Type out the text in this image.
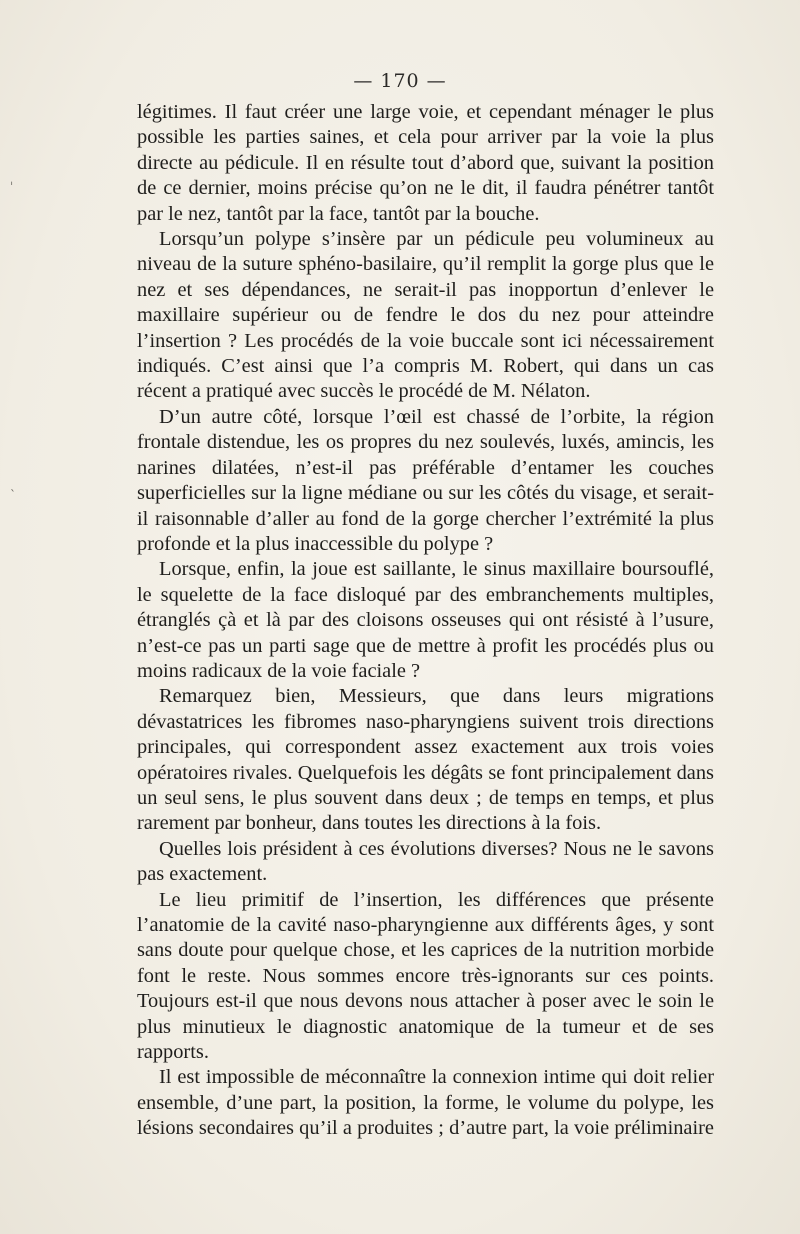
ˈ
ˋ
— 170 —

légitimes. Il faut créer une large voie, et cependant ménager le plus possible les parties saines, et cela pour arriver par la voie la plus directe au pédicule. Il en résulte tout d’abord que, suivant la position de ce dernier, moins précise qu’on ne le dit, il faudra pénétrer tantôt par le nez, tantôt par la face, tantôt par la bouche.

Lorsqu’un polype s’insère par un pédicule peu volumineux au niveau de la suture sphéno-basilaire, qu’il remplit la gorge plus que le nez et ses dépendances, ne serait-il pas inopportun d’enlever le maxillaire supérieur ou de fendre le dos du nez pour atteindre l’insertion ? Les procédés de la voie buccale sont ici nécessairement indiqués. C’est ainsi que l’a compris M. Robert, qui dans un cas récent a pratiqué avec succès le procédé de M. Nélaton.

D’un autre côté, lorsque l’œil est chassé de l’orbite, la région frontale distendue, les os propres du nez soulevés, luxés, amincis, les narines dilatées, n’est-il pas préférable d’entamer les couches superficielles sur la ligne médiane ou sur les côtés du visage, et serait-il raisonnable d’aller au fond de la gorge chercher l’extrémité la plus profonde et la plus inaccessible du polype ?

Lorsque, enfin, la joue est saillante, le sinus maxillaire boursouflé, le squelette de la face disloqué par des embranchements multiples, étranglés çà et là par des cloisons osseuses qui ont résisté à l’usure, n’est-ce pas un parti sage que de mettre à profit les procédés plus ou moins radicaux de la voie faciale ?

Remarquez bien, Messieurs, que dans leurs migrations dévastatrices les fibromes naso-pharyngiens suivent trois directions principales, qui correspondent assez exactement aux trois voies opératoires rivales. Quelquefois les dégâts se font principalement dans un seul sens, le plus souvent dans deux ; de temps en temps, et plus rarement par bonheur, dans toutes les directions à la fois.

Quelles lois président à ces évolutions diverses? Nous ne le savons pas exactement.

Le lieu primitif de l’insertion, les différences que présente l’anatomie de la cavité naso-pharyngienne aux différents âges, y sont sans doute pour quelque chose, et les caprices de la nutrition morbide font le reste. Nous sommes encore très-ignorants sur ces points. Toujours est-il que nous devons nous attacher à poser avec le soin le plus minutieux le diagnostic anatomique de la tumeur et de ses rapports.

Il est impossible de méconnaître la connexion intime qui doit relier ensemble, d’une part, la position, la forme, le volume du polype, les lésions secondaires qu’il a produites ; d’autre part, la voie préliminaire
